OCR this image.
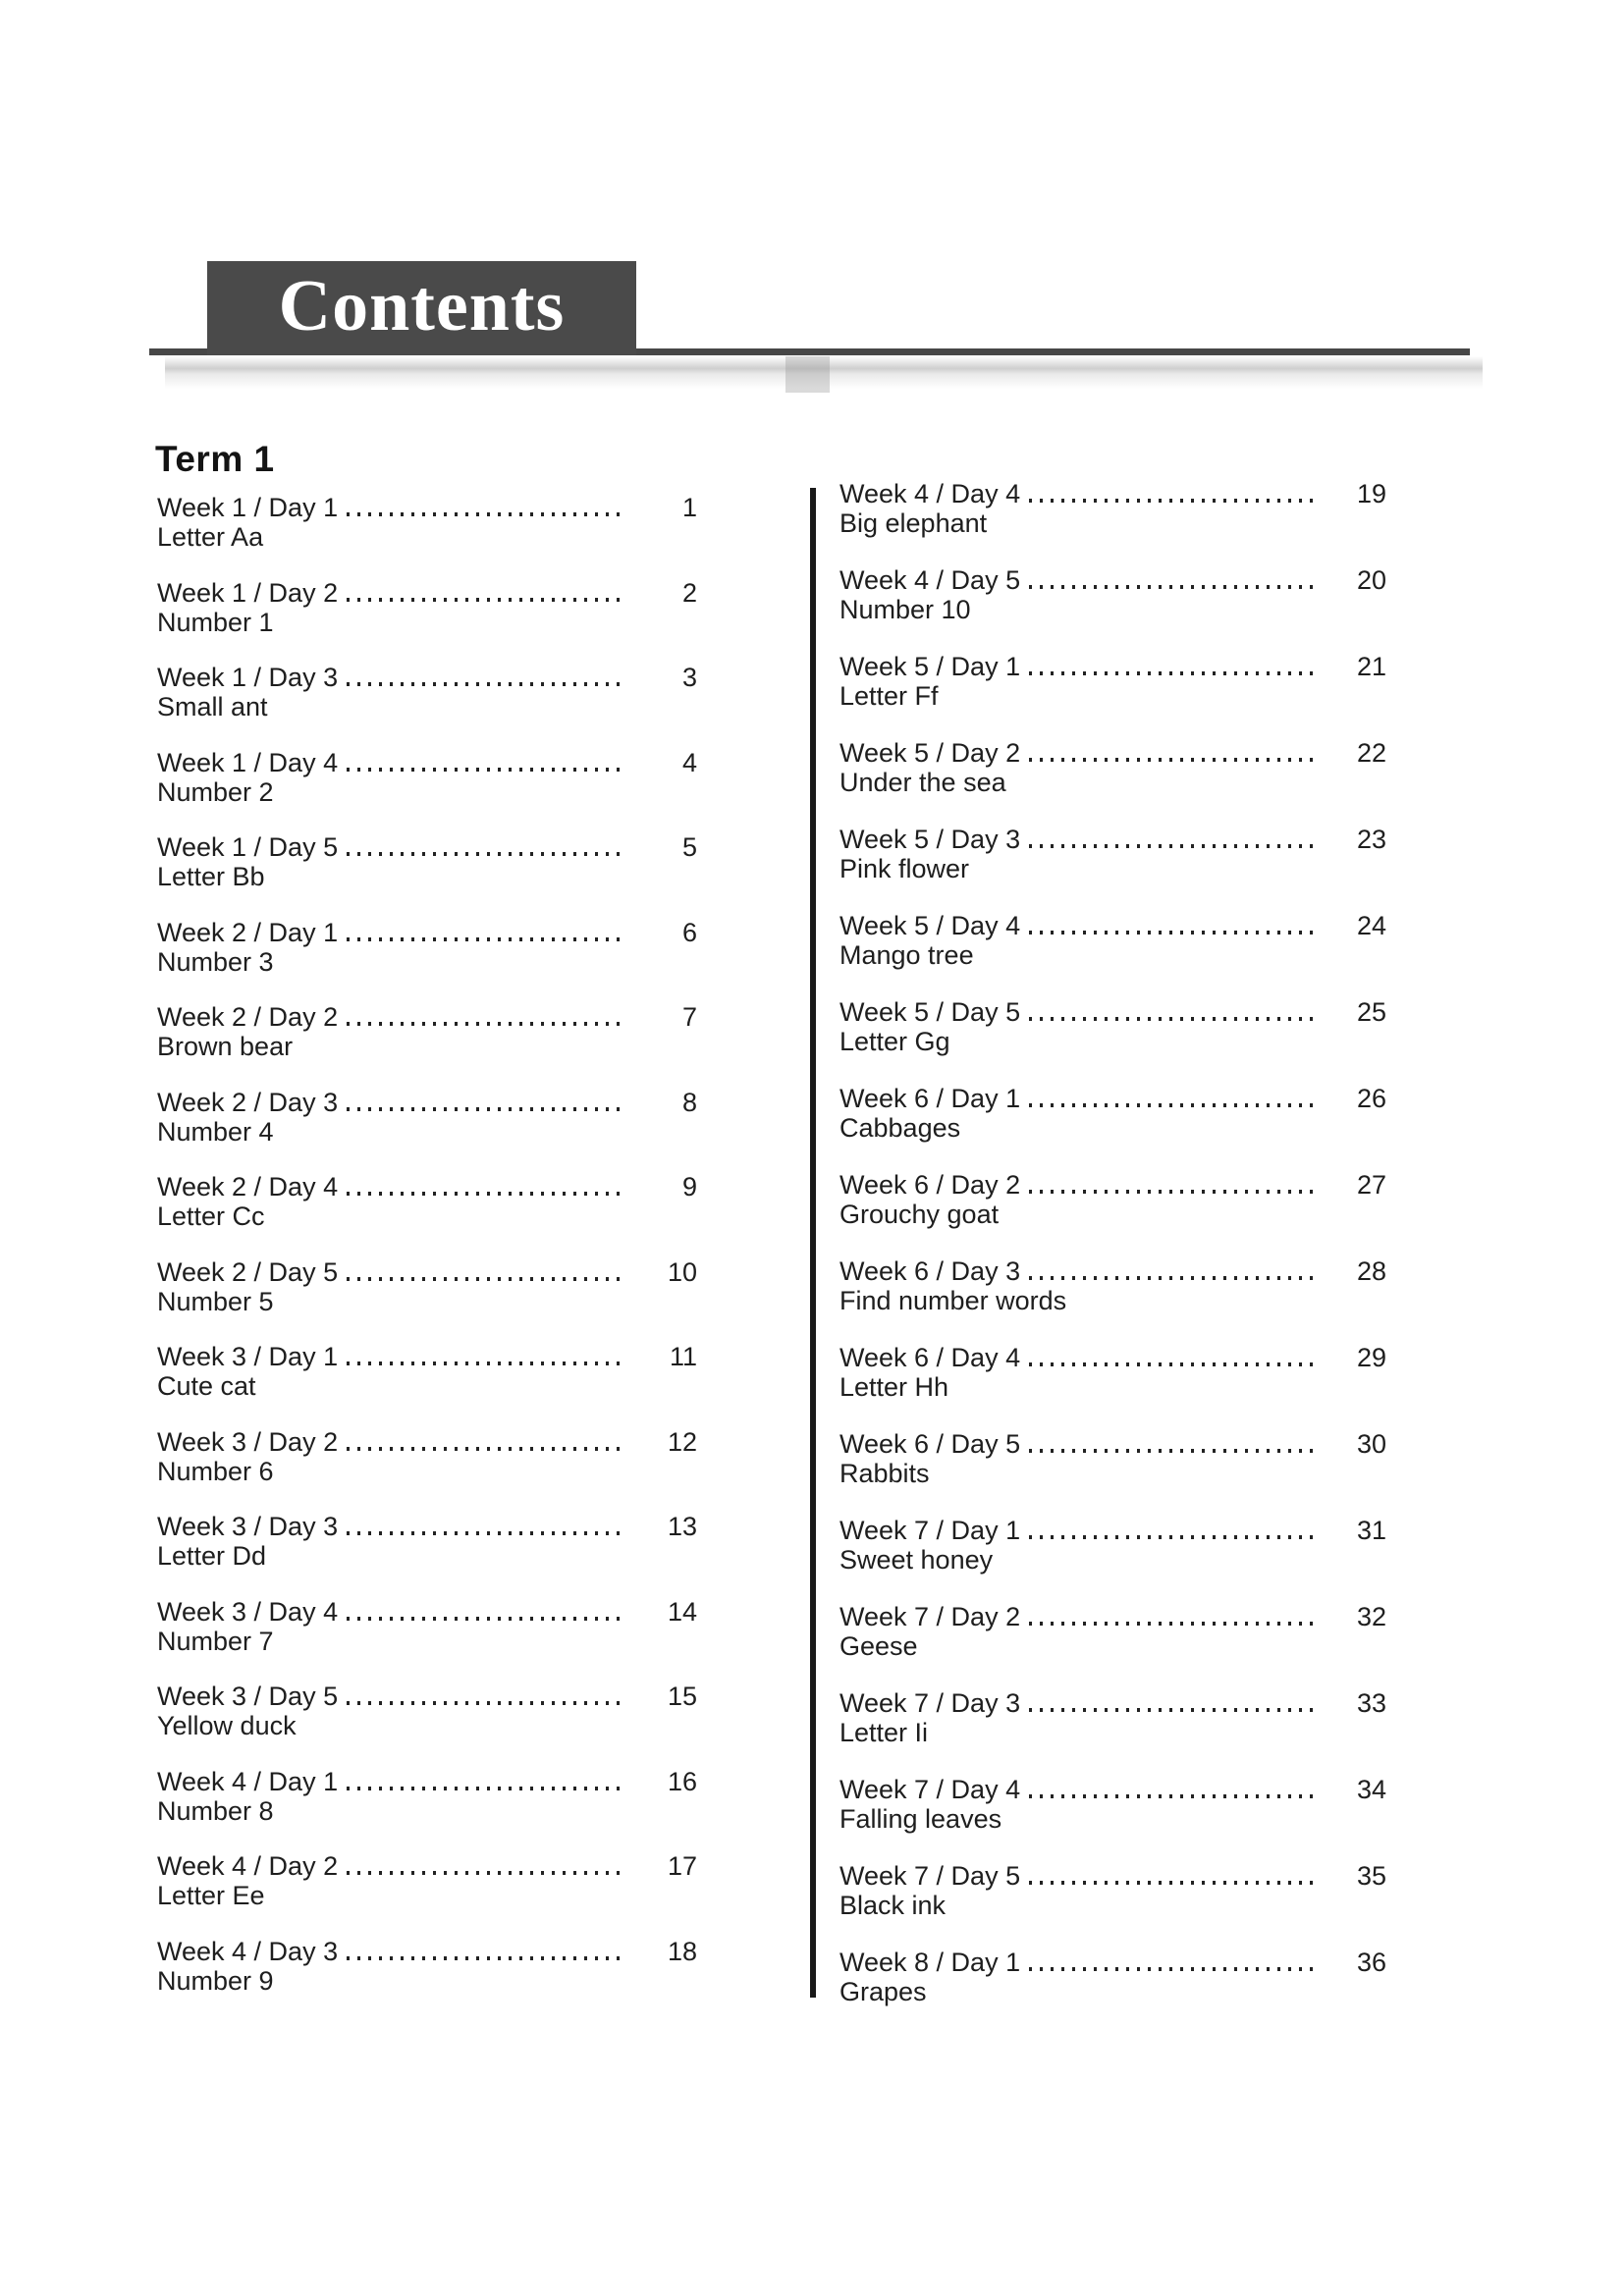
Contents
Term 1
Week 1 / Day 1	1
Letter Aa
Week 1 / Day 2	2
Number 1
Week 1 / Day 3	3
Small ant
Week 1 / Day 4	4
Number 2
Week 1 / Day 5	5
Letter Bb
Week 2 / Day 1	6
Number 3
Week 2 / Day 2	7
Brown bear
Week 2 / Day 3	8
Number 4
Week 2 / Day 4	9
Letter Cc
Week 2 / Day 5	10
Number 5
Week 3 / Day 1	11
Cute cat
Week 3 / Day 2	12
Number 6
Week 3 / Day 3	13
Letter Dd
Week 3 / Day 4	14
Number 7
Week 3 / Day 5	15
Yellow duck
Week 4 / Day 1	16
Number 8
Week 4 / Day 2	17
Letter Ee
Week 4 / Day 3	18
Number 9
Week 4 / Day 4	19
Big elephant
Week 4 / Day 5	20
Number 10
Week 5 / Day 1	21
Letter Ff
Week 5 / Day 2	22
Under the sea
Week 5 / Day 3	23
Pink flower
Week 5 / Day 4	24
Mango tree
Week 5 / Day 5	25
Letter Gg
Week 6 / Day 1	26
Cabbages
Week 6 / Day 2	27
Grouchy goat
Week 6 / Day 3	28
Find number words
Week 6 / Day 4	29
Letter Hh
Week 6 / Day 5	30
Rabbits
Week 7 / Day 1	31
Sweet honey
Week 7 / Day 2	32
Geese
Week 7 / Day 3	33
Letter Ii
Week 7 / Day 4	34
Falling leaves
Week 7 / Day 5	35
Black ink
Week 8 / Day 1	36
Grapes
